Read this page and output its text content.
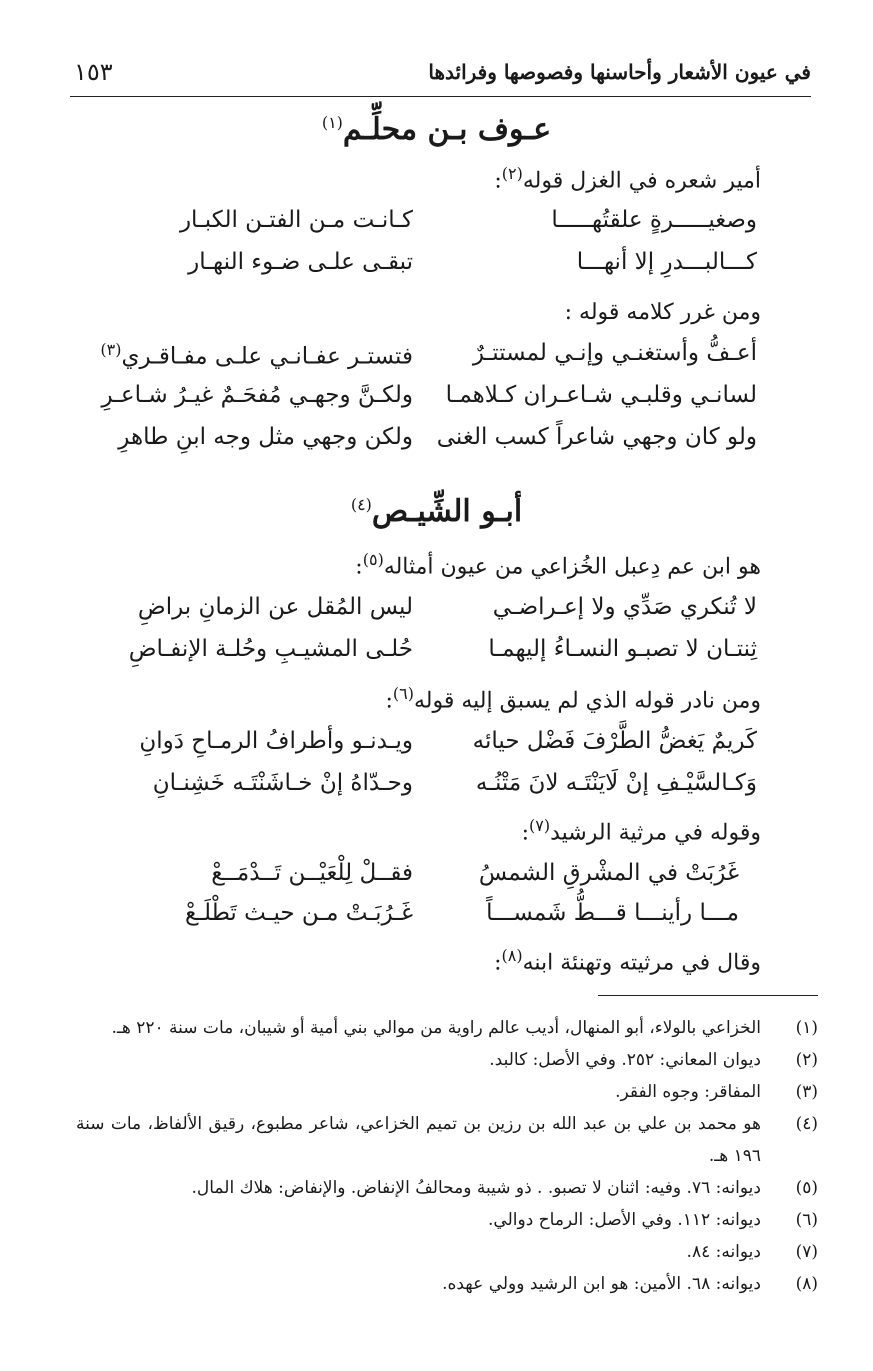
في عيون الأشعار وأحاسنها وفصوصها وفرائدها
١٥٣
عـوف بـن محلِّـم$^{(١)}$
أمير شعره في الغزل قوله$^{(٢)}$:
وصغيـــــرةٍ علقتُهـــــا
كـانـت مـن الفتـن الكبـار
كـــالبـــدرِ إلا أنهـــا
تبقـى علـى ضـوء النهـار
ومن غرر كلامه قوله :
أعـفُّ وأستغنـي وإنـي لمستتـرٌ
فتستـر عفـانـي علـى مفـاقـري$^{(٣)}$
لسانـي وقلبـي شـاعـران كـلاهمـا
ولكـنَّ وجهـي مُفحَـمٌ غيـرُ شـاعـرِ
ولو كان وجهي شاعراً كسب الغنى
ولكن وجهي مثل وجه ابنِ طاهرِ
أبـو الشِّيـص$^{(٤)}$
هو ابن عم دِعبل الخُزاعي من عيون أمثاله$^{(٥)}$:
لا تُنكري صَدِّي ولا إعـراضـي
ليس المُقل عن الزمانِ براضِ
ثِنتـان لا تصبـو النسـاءُ إليهمـا
حُلـى المشيـبِ وحُلـة الإنفـاضِ
ومن نادر قوله الذي لم يسبق إليه قوله$^{(٦)}$:
كَريمٌ يَغضُّ الطَّرْفَ فَضْل حيائه
ويـدنـو وأطرافُ الرمـاحِ دَوانِ
وَكـالسَّيْـفِ إنْ لَايَنْتَـه لانَ مَتْنُـه
وحـدّاهُ إنْ خـاشَنْتَـه خَشِنـانِ
وقوله في مرثية الرشيد$^{(٧)}$:
غَرُبَتْ في المشْرقِ الشمسُ
فقــلْ لِلْعَيْــن تَــدْمَــعْ
مـــا رأينـــا قـــطُّ شَمســـاً
غَـرُبَـتْ مـن حيـث تَطْلَـعْ
وقال في مرثيته وتهنئة ابنه$^{(٨)}$:
(١)
الخزاعي بالولاء، أبو المنهال، أديب عالم راوية من موالي بني أمية أو شيبان، مات سنة ٢٢٠ هـ.
(٢)
ديوان المعاني: ٢٥٢. وفي الأصل: كالبد.
(٣)
المفاقر: وجوه الفقر.
(٤)
هو محمد بن علي بن عبد الله بن رزين بن تميم الخزاعي، شاعر مطبوع، رقيق الألفاظ، مات سنة
١٩٦ هـ.
(٥)
ديوانه: ٧٦. وفيه: اثنان لا تصبو. . ذو شيبة ومحالفُ الإنفاض. والإنفاض: هلاك المال.
(٦)
ديوانه: ١١٢. وفي الأصل: الرماح دوالي.
(٧)
ديوانه: ٨٤.
(٨)
ديوانه: ٦٨. الأمين: هو ابن الرشيد وولي عهده.
